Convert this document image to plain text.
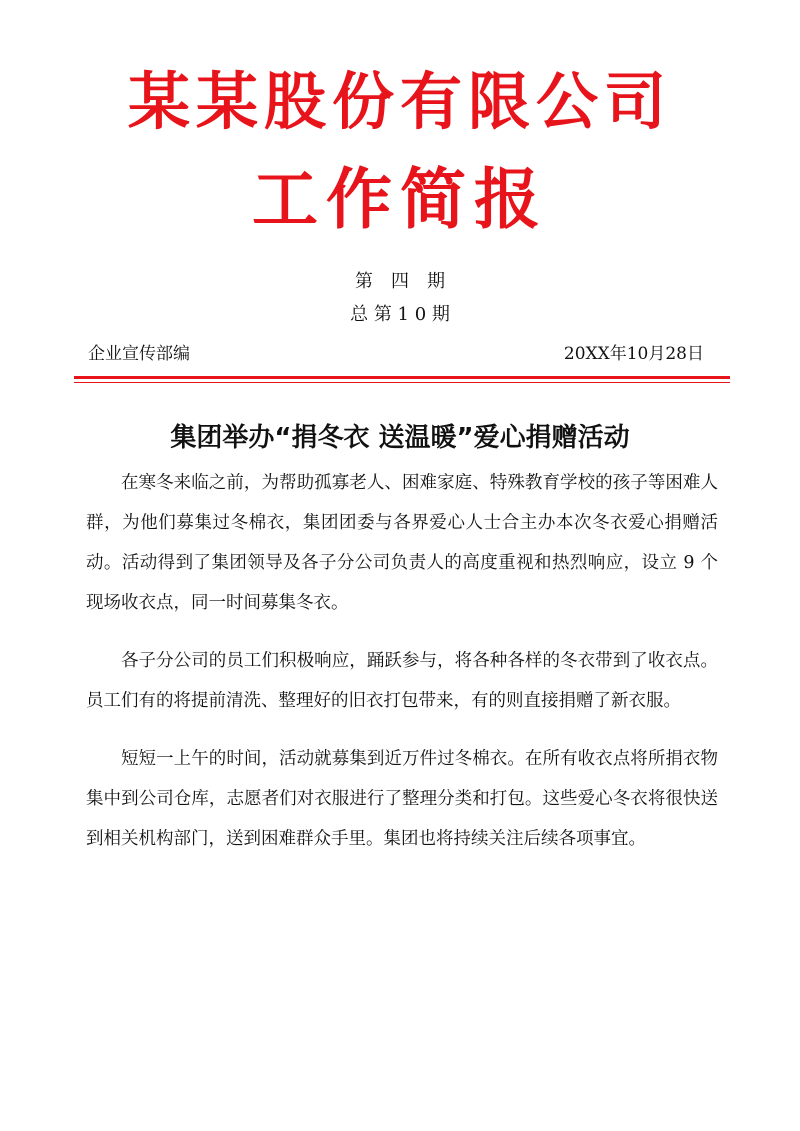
某某股份有限公司
工作简报
第　四　期
总 第 1 0 期
企业宣传部编	20XX年10月28日
集团举办“捐冬衣 送温暖”爱心捐赠活动

在寒冬来临之前，为帮助孤寡老人、困难家庭、特殊教育学校的孩子等困难人群，为他们募集过冬棉衣，集团团委与各界爱心人士合主办本次冬衣爱心捐赠活动。活动得到了集团领导及各子分公司负责人的高度重视和热烈响应，设立 9 个现场收衣点，同一时间募集冬衣。

各子分公司的员工们积极响应，踊跃参与，将各种各样的冬衣带到了收衣点。员工们有的将提前清洗、整理好的旧衣打包带来，有的则直接捐赠了新衣服。

短短一上午的时间，活动就募集到近万件过冬棉衣。在所有收衣点将所捐衣物集中到公司仓库，志愿者们对衣服进行了整理分类和打包。这些爱心冬衣将很快送到相关机构部门，送到困难群众手里。集团也将持续关注后续各项事宜。
